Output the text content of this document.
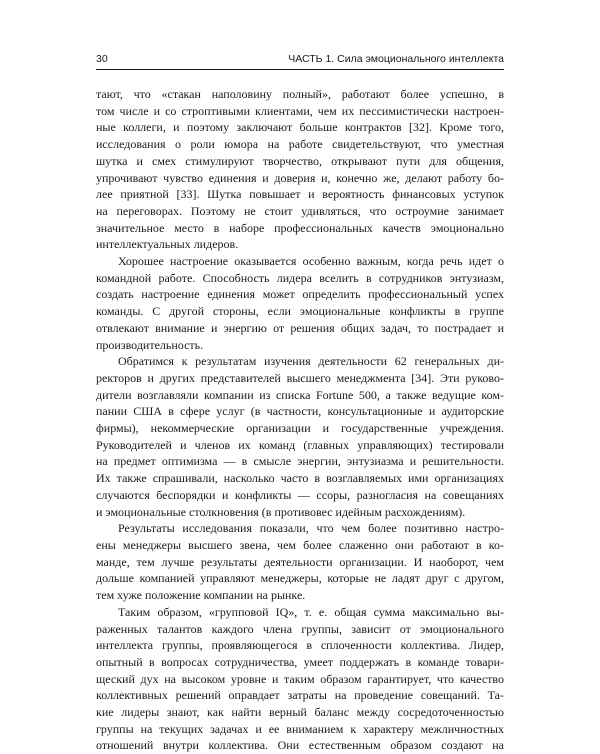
30	ЧАСТЬ 1. Сила эмоционального интеллекта

тают, что «стакан наполовину полный», работают более успешно, в
том числе и со строптивыми клиентами, чем их пессимистически настроен-
ные коллеги, и поэтому заключают больше контрактов [32]. Кроме того,
исследования о роли юмора на работе свидетельствуют, что уместная
шутка и смех стимулируют творчество, открывают пути для общения,
упрочивают чувство единения и доверия и, конечно же, делают работу бо-
лее приятной [33]. Шутка повышает и вероятность финансовых уступок
на переговорах. Поэтому не стоит удивляться, что остроумие занимает
значительное место в наборе профессиональных качеств эмоционально
интеллектуальных лидеров.

Хорошее настроение оказывается особенно важным, когда речь идет о
командной работе. Способность лидера вселить в сотрудников энтузиазм,
создать настроение единения может определить профессиональный успех
команды. С другой стороны, если эмоциональные конфликты в группе
отвлекают внимание и энергию от решения общих задач, то пострадает и
производительность.

Обратимся к результатам изучения деятельности 62 генеральных ди-
ректоров и других представителей высшего менеджмента [34]. Эти руково-
дители возглавляли компании из списка Fortune 500, а также ведущие ком-
пании США в сфере услуг (в частности, консультационные и аудиторские
фирмы), некоммерческие организации и государственные учреждения.
Руководителей и членов их команд (главных управляющих) тестировали
на предмет оптимизма — в смысле энергии, энтузиазма и решительности.
Их также спрашивали, насколько часто в возглавляемых ими организациях
случаются беспорядки и конфликты — ссоры, разногласия на совещаниях
и эмоциональные столкновения (в противовес идейным расхождениям).

Результаты исследования показали, что чем более позитивно настро-
ены менеджеры высшего звена, чем более слаженно они работают в ко-
манде, тем лучше результаты деятельности организации. И наоборот, чем
дольше компанией управляют менеджеры, которые не ладят друг с другом,
тем хуже положение компании на рынке.

Таким образом, «групповой IQ», т. е. общая сумма максимально вы-
раженных талантов каждого члена группы, зависит от эмоционального
интеллекта группы, проявляющегося в сплоченности коллектива. Лидер,
опытный в вопросах сотрудничества, умеет поддержать в команде товари-
щеский дух на высоком уровне и таким образом гарантирует, что качество
коллективных решений оправдает затраты на проведение совещаний. Та-
кие лидеры знают, как найти верный баланс между сосредоточенностью
группы на текущих задачах и ее вниманием к характеру межличностных
отношений внутри коллектива. Они естественным образом создают на
